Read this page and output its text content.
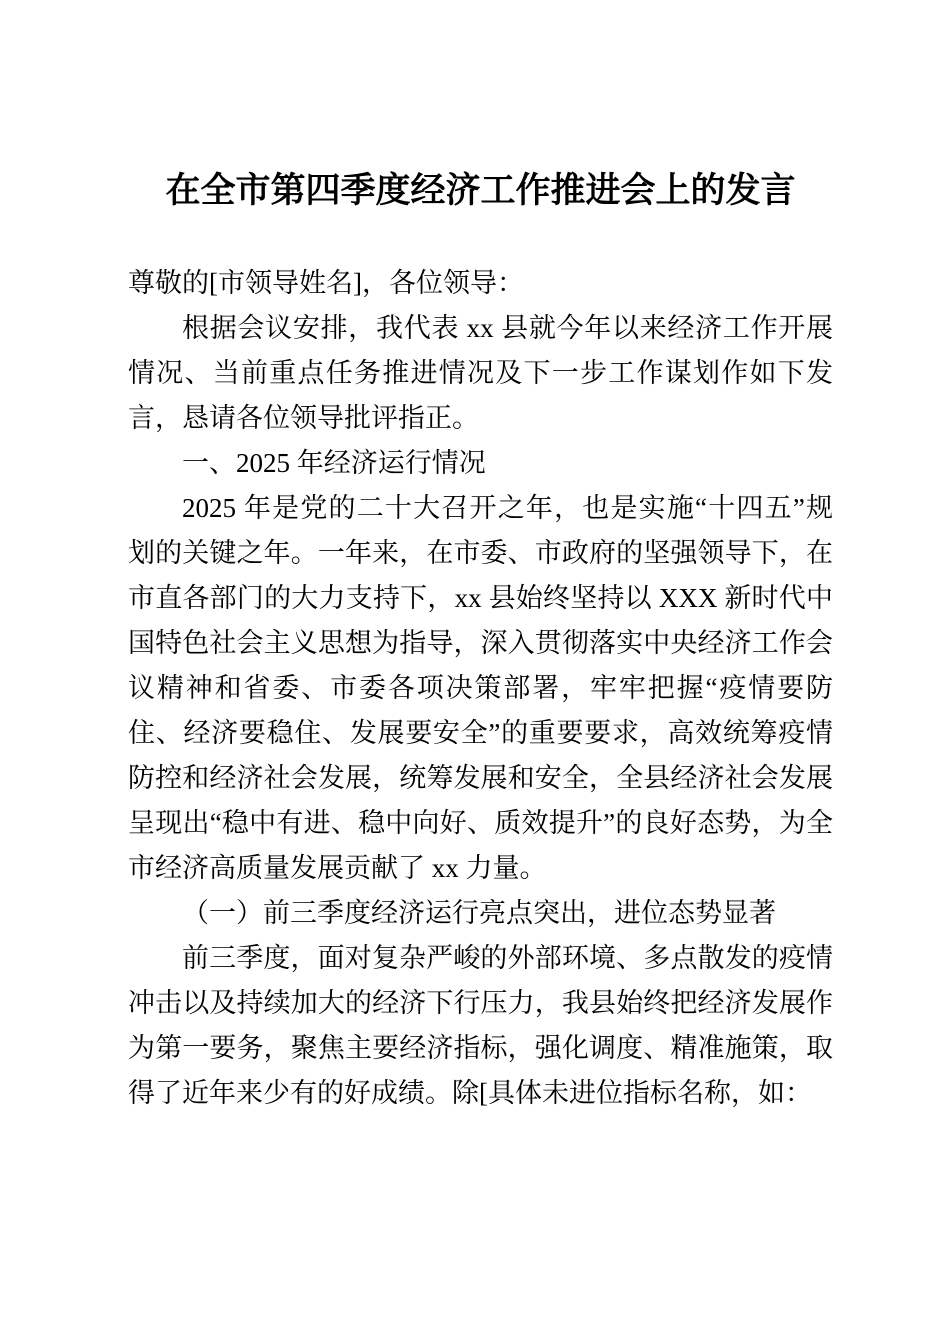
在全市第四季度经济工作推进会上的发言

尊敬的[市领导姓名]，各位领导：

根据会议安排，我代表 xx 县就今年以来经济工作开展情况、当前重点任务推进情况及下一步工作谋划作如下发言，恳请各位领导批评指正。

一、2025 年经济运行情况

2025 年是党的二十大召开之年，也是实施“十四五”规划的关键之年。一年来，在市委、市政府的坚强领导下，在市直各部门的大力支持下，xx 县始终坚持以 XXX 新时代中国特色社会主义思想为指导，深入贯彻落实中央经济工作会议精神和省委、市委各项决策部署，牢牢把握“疫情要防住、经济要稳住、发展要安全”的重要要求，高效统筹疫情防控和经济社会发展，统筹发展和安全，全县经济社会发展呈现出“稳中有进、稳中向好、质效提升”的良好态势，为全市经济高质量发展贡献了 xx 力量。

（一）前三季度经济运行亮点突出，进位态势显著

前三季度，面对复杂严峻的外部环境、多点散发的疫情冲击以及持续加大的经济下行压力，我县始终把经济发展作为第一要务，聚焦主要经济指标，强化调度、精准施策，取得了近年来少有的好成绩。除[具体未进位指标名称，如：
